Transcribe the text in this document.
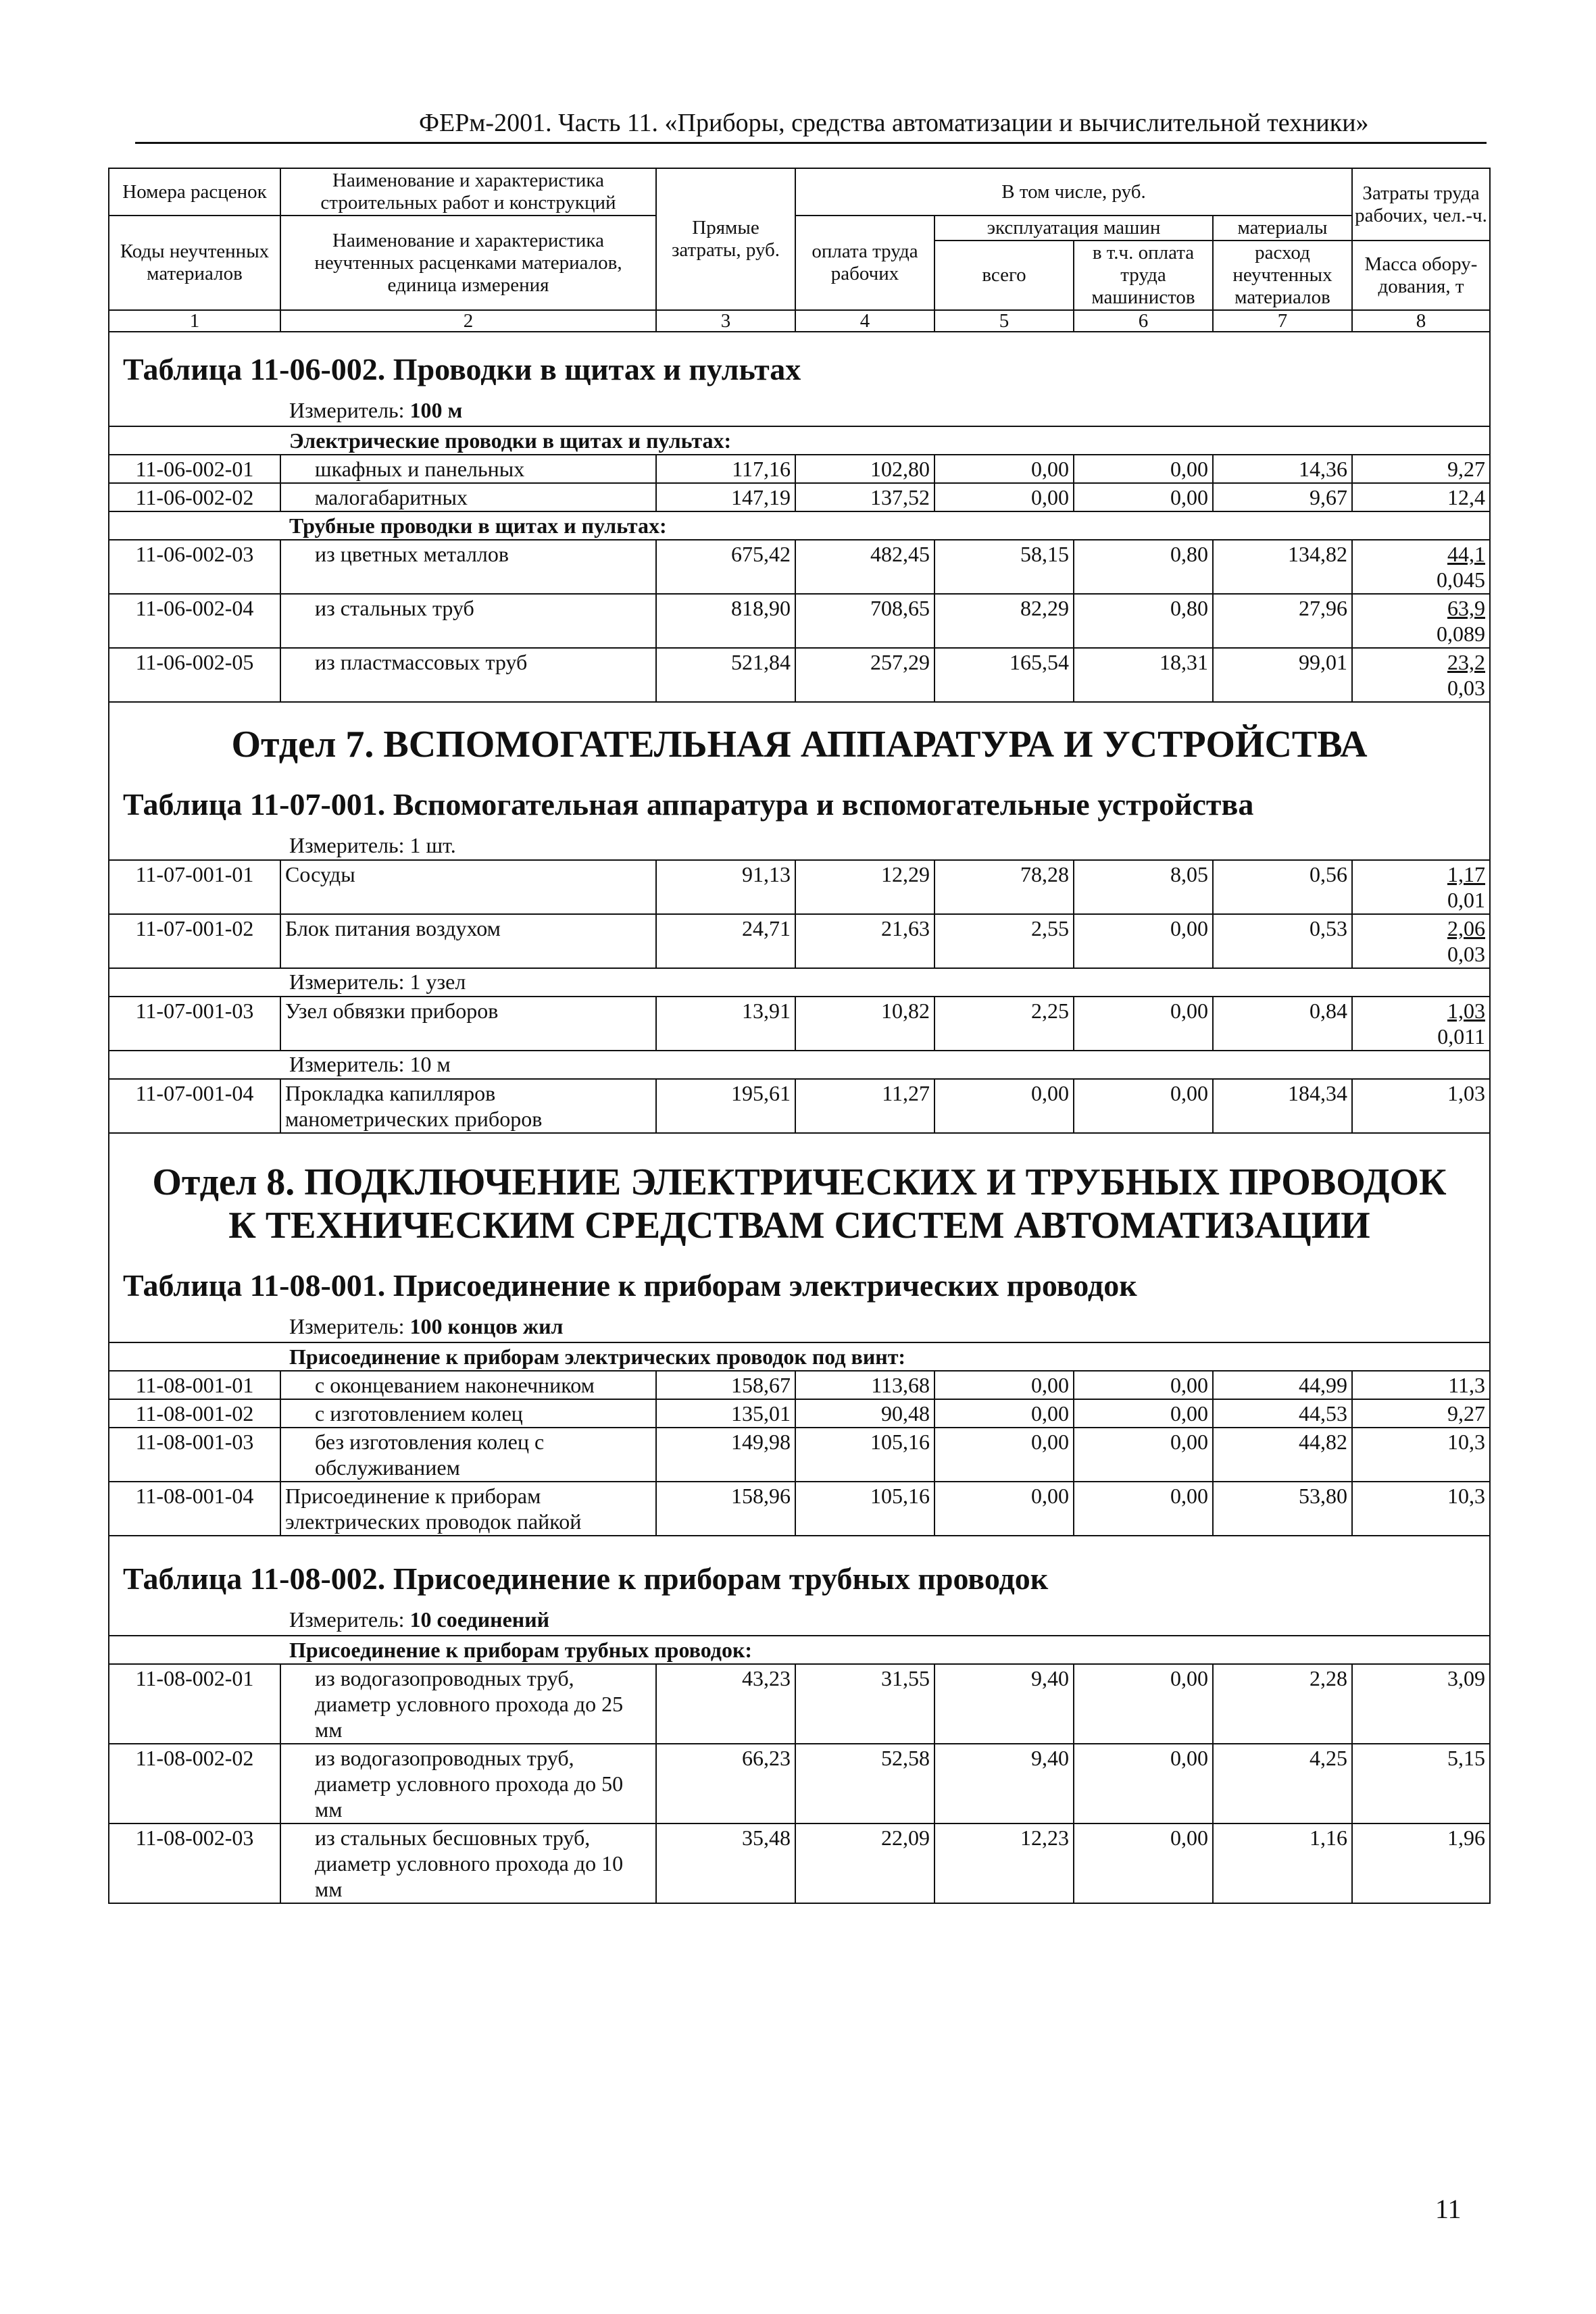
ФЕРм-2001. Часть 11. «Приборы, средства автоматизации и вычислительной техники»
Номера расценок	Наименование и характеристика строительных работ и конструкций	Прямые затраты, руб.	В том числе, руб.				Затраты труда рабочих, чел.-ч.
Коды неучтенных материалов	Наименование и характеристика неучтенных расценками материалов, единица измерения		оплата труда рабочих	эксплуатация машин		материалы	
				всего	в т.ч. оплата труда машинистов	расход неучтенных материалов	Масса обору-дования, т
1	2	3	4	5	6	7	8
Таблица 11-06-002. Проводки в щитах и пультах							
Измеритель: 100 м							
Электрические проводки в щитах и пультах:							
11-06-002-01	шкафных и панельных	117,16	102,80	0,00	0,00	14,36	9,27
11-06-002-02	малогабаритных	147,19	137,52	0,00	0,00	9,67	12,4
Трубные проводки в щитах и пультах:							
11-06-002-03	из цветных металлов	675,42	482,45	58,15	0,80	134,82	44,1
0,045
11-06-002-04	из стальных труб	818,90	708,65	82,29	0,80	27,96	63,9
0,089
11-06-002-05	из пластмассовых труб	521,84	257,29	165,54	18,31	99,01	23,2
0,03
Отдел 7. ВСПОМОГАТЕЛЬНАЯ АППАРАТУРА И УСТРОЙСТВА							
Таблица 11-07-001. Вспомогательная аппаратура и вспомогательные устройства							
Измеритель: 1 шт.							
11-07-001-01	Сосуды	91,13	12,29	78,28	8,05	0,56	1,17
0,01
11-07-001-02	Блок питания воздухом	24,71	21,63	2,55	0,00	0,53	2,06
0,03
Измеритель: 1 узел							
11-07-001-03	Узел обвязки приборов	13,91	10,82	2,25	0,00	0,84	1,03
0,011
Измеритель: 10 м							
11-07-001-04	Прокладка капилляров манометрических приборов	195,61	11,27	0,00	0,00	184,34	1,03
Отдел 8. ПОДКЛЮЧЕНИЕ ЭЛЕКТРИЧЕСКИХ И ТРУБНЫХ ПРОВОДОК
К ТЕХНИЧЕСКИМ СРЕДСТВАМ СИСТЕМ АВТОМАТИЗАЦИИ							
Таблица 11-08-001. Присоединение к приборам электрических проводок							
Измеритель: 100 концов жил							
Присоединение к приборам электрических проводок под винт:							
11-08-001-01	с оконцеванием наконечником	158,67	113,68	0,00	0,00	44,99	11,3
11-08-001-02	с изготовлением колец	135,01	90,48	0,00	0,00	44,53	9,27
11-08-001-03	без изготовления колец с обслуживанием	149,98	105,16	0,00	0,00	44,82	10,3
11-08-001-04	Присоединение к приборам электрических проводок пайкой	158,96	105,16	0,00	0,00	53,80	10,3
Таблица 11-08-002. Присоединение к приборам трубных проводок							
Измеритель: 10 соединений							
Присоединение к приборам трубных проводок:							
11-08-002-01	из водогазопроводных труб, диаметр условного прохода до 25 мм	43,23	31,55	9,40	0,00	2,28	3,09
11-08-002-02	из водогазопроводных труб, диаметр условного прохода до 50 мм	66,23	52,58	9,40	0,00	4,25	5,15
11-08-002-03	из стальных бесшовных труб, диаметр условного прохода до 10 мм	35,48	22,09	12,23	0,00	1,16	1,96
11
